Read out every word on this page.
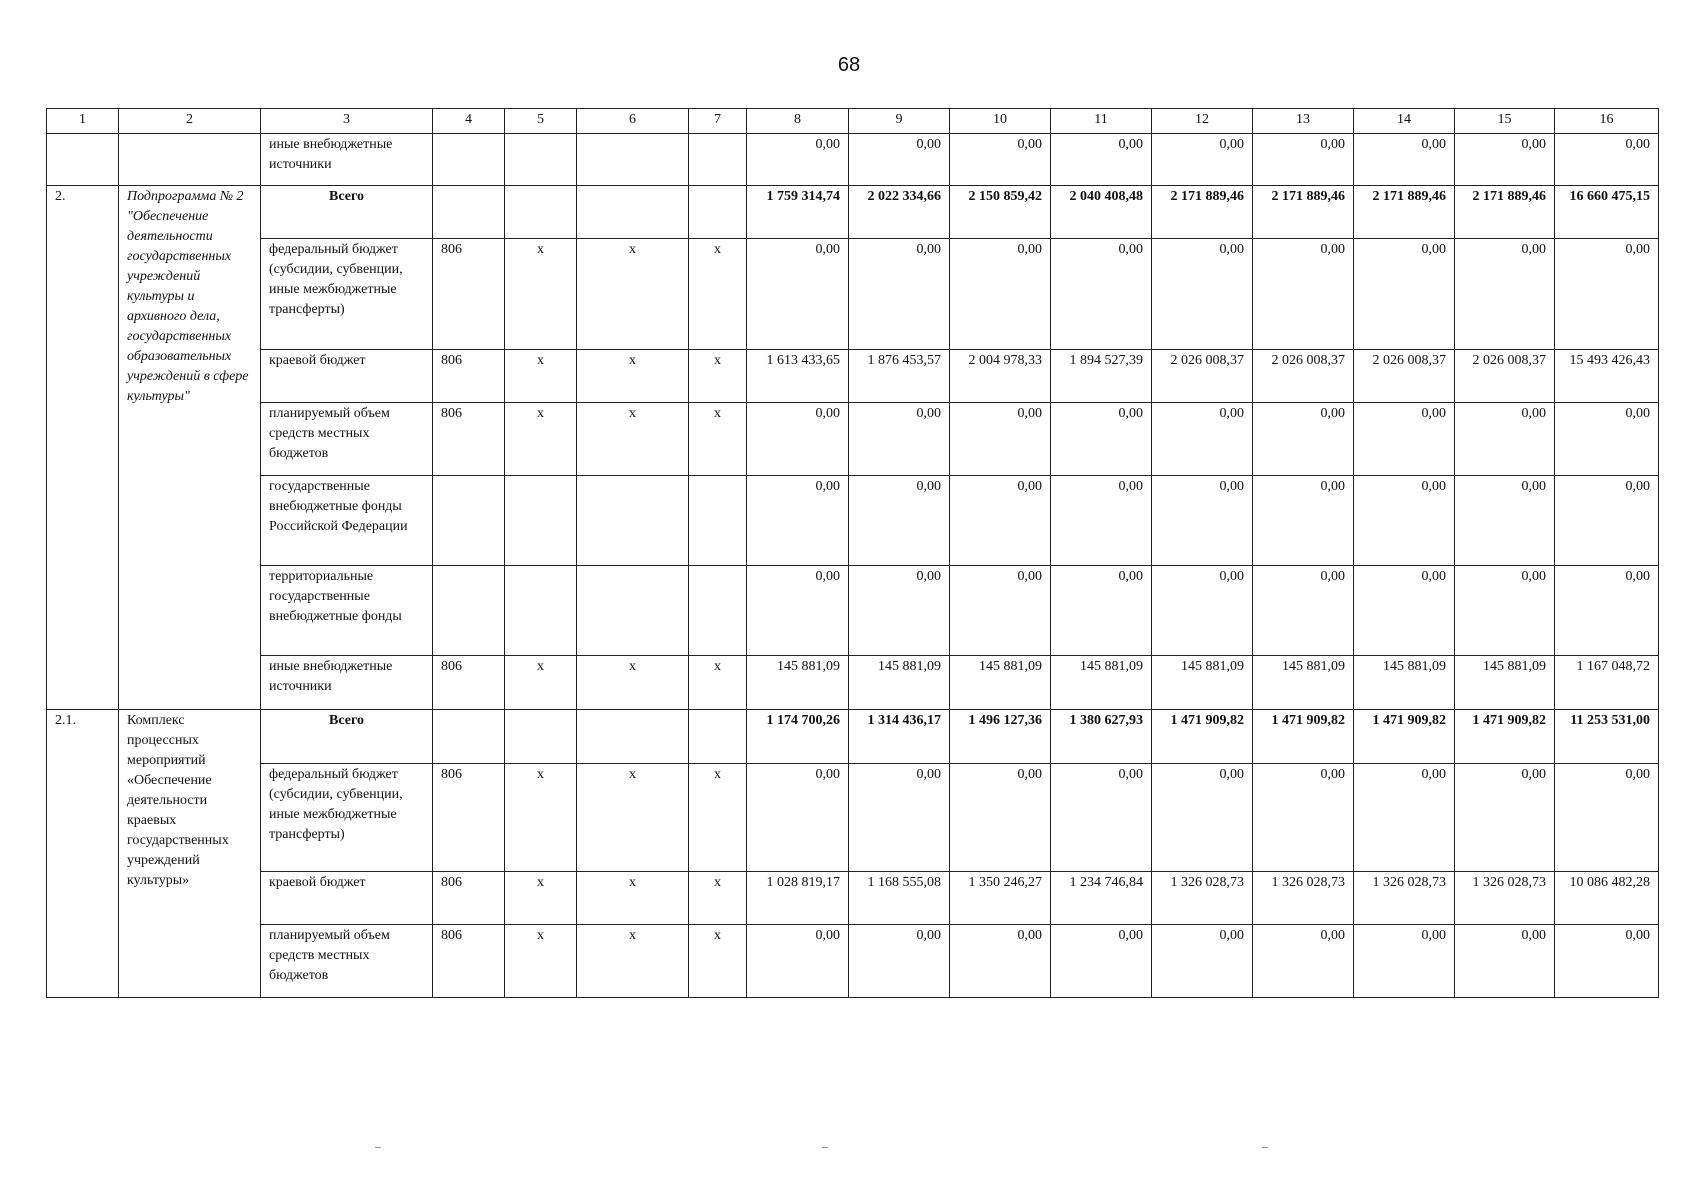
68
1	2	3	4	5	6	7	8	9	10	11	12	13	14	15	16
		иные внебюджетные источники					0,00	0,00	0,00	0,00	0,00	0,00	0,00	0,00	0,00
2.	Подпрограмма № 2 "Обеспечение деятельности государственных учреждений культуры и архивного дела, государственных образовательных учреждений в сфере культуры"	Всего					1 759 314,74	2 022 334,66	2 150 859,42	2 040 408,48	2 171 889,46	2 171 889,46	2 171 889,46	2 171 889,46	16 660 475,15
		федеральный бюджет (субсидии, субвенции, иные межбюджетные трансферты)	806	х	х	х	0,00	0,00	0,00	0,00	0,00	0,00	0,00	0,00	0,00
		краевой бюджет	806	х	х	х	1 613 433,65	1 876 453,57	2 004 978,33	1 894 527,39	2 026 008,37	2 026 008,37	2 026 008,37	2 026 008,37	15 493 426,43
		планируемый объем средств местных бюджетов	806	х	х	х	0,00	0,00	0,00	0,00	0,00	0,00	0,00	0,00	0,00
		государственные внебюджетные фонды Российской Федерации					0,00	0,00	0,00	0,00	0,00	0,00	0,00	0,00	0,00
		территориальные государственные внебюджетные фонды					0,00	0,00	0,00	0,00	0,00	0,00	0,00	0,00	0,00
		иные внебюджетные источники	806	х	х	х	145 881,09	145 881,09	145 881,09	145 881,09	145 881,09	145 881,09	145 881,09	145 881,09	1 167 048,72
2.1.	Комплекс процессных мероприятий «Обеспечение деятельности краевых государственных учреждений культуры»	Всего					1 174 700,26	1 314 436,17	1 496 127,36	1 380 627,93	1 471 909,82	1 471 909,82	1 471 909,82	1 471 909,82	11 253 531,00
		федеральный бюджет (субсидии, субвенции, иные межбюджетные трансферты)	806	х	х	х	0,00	0,00	0,00	0,00	0,00	0,00	0,00	0,00	0,00
		краевой бюджет	806	х	х	х	1 028 819,17	1 168 555,08	1 350 246,27	1 234 746,84	1 326 028,73	1 326 028,73	1 326 028,73	1 326 028,73	10 086 482,28
		планируемый объем средств местных бюджетов	806	х	х	х	0,00	0,00	0,00	0,00	0,00	0,00	0,00	0,00	0,00
